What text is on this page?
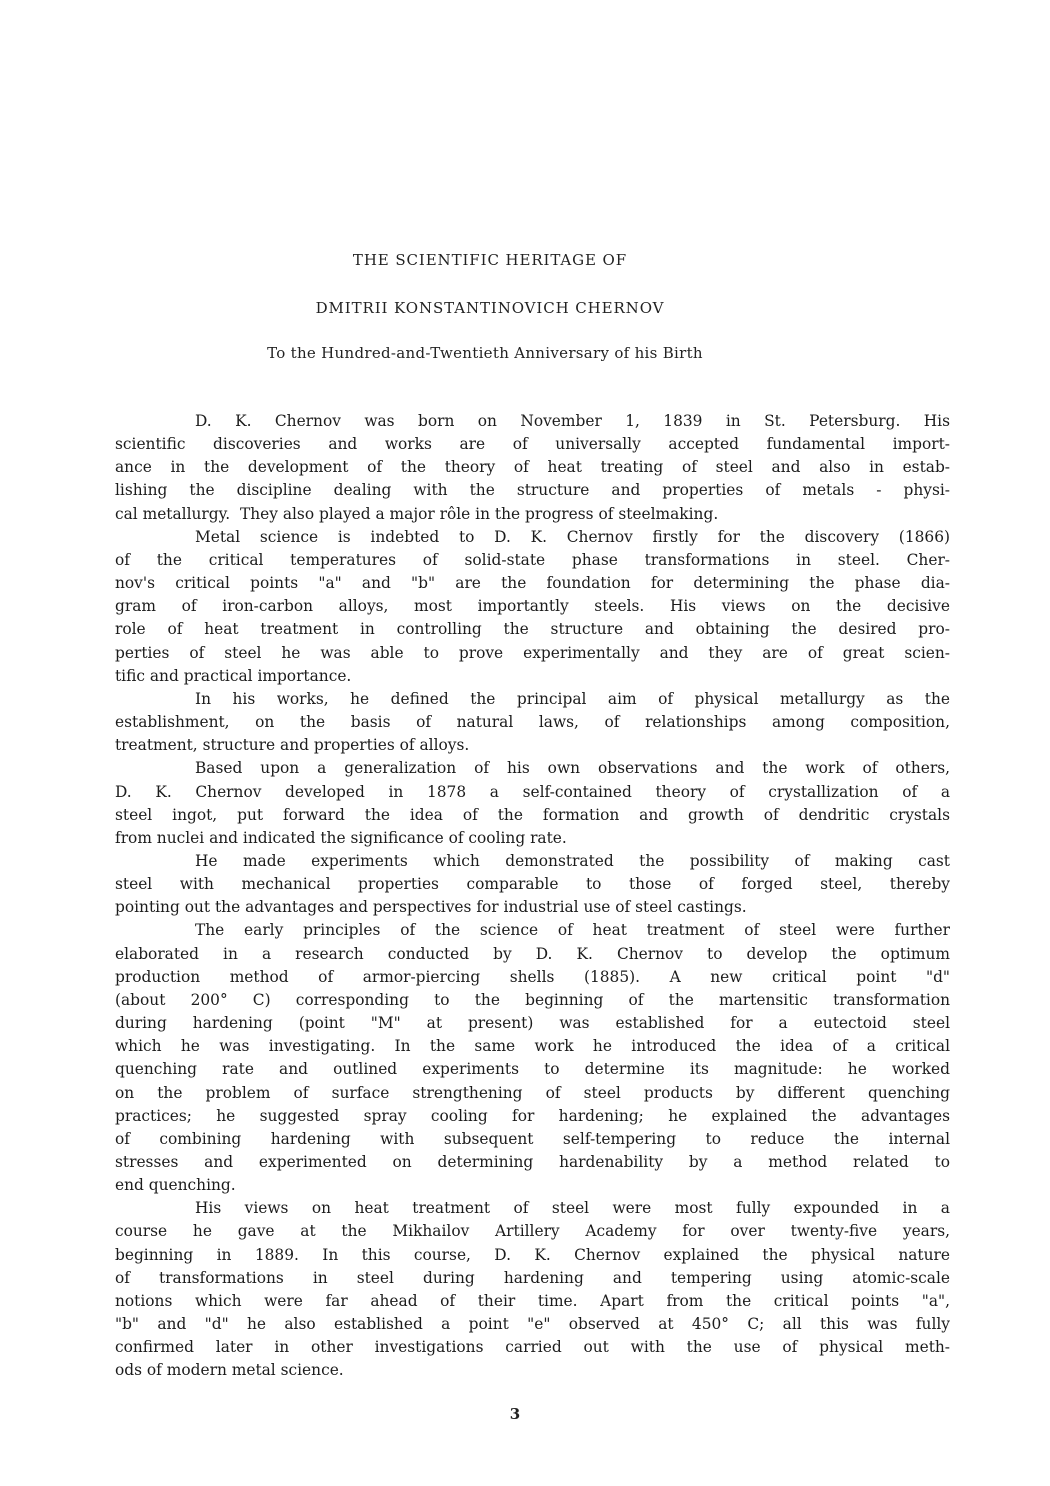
THE SCIENTIFIC HERITAGE OF
DMITRII KONSTANTINOVICH CHERNOV
To the Hundred-and-Twentieth Anniversary of his Birth
D. K. Chernov was born on November 1, 1839 in St. Petersburg. His
scientific discoveries and works are of universally accepted fundamental import-
ance in the development of the theory of heat treating of steel and also in estab-
lishing the discipline dealing with the structure and properties of metals - physi-
cal metallurgy.  They also played a major rôle in the progress of steelmaking.
Metal science is indebted to D. K. Chernov firstly for the discovery (1866)
of the critical temperatures of solid-state phase transformations in steel. Cher-
nov's critical points "a" and "b" are the foundation for determining the phase dia-
gram of iron-carbon alloys, most importantly steels. His views on the decisive
role of heat treatment in controlling the structure and obtaining the desired pro-
perties of steel he was able to prove experimentally and they are of great scien-
tific and practical importance.
In his works, he defined the principal aim of physical metallurgy as the
establishment, on the basis of natural laws, of relationships among composition,
treatment, structure and properties of alloys.
Based upon a generalization of his own observations and the work of others,
D. K. Chernov developed in 1878 a self-contained theory of crystallization of a
steel ingot, put forward the idea of the formation and growth of dendritic crystals
from nuclei and indicated the significance of cooling rate.
He made experiments which demonstrated the possibility of making cast
steel with mechanical properties comparable to those of forged steel, thereby
pointing out the advantages and perspectives for industrial use of steel castings.
The early principles of the science of heat treatment of steel were further
elaborated in a research conducted by D. K. Chernov to develop the optimum
production method of armor-piercing shells (1885). A new critical point "d"
(about 200° C) corresponding to the beginning of the martensitic transformation
during hardening (point "M" at present) was established for a eutectoid steel
which he was investigating. In the same work he introduced the idea of a critical
quenching rate and outlined experiments to determine its magnitude: he worked
on the problem of surface strengthening of steel products by different quenching
practices; he suggested spray cooling for hardening; he explained the advantages
of combining hardening with subsequent self-tempering to reduce the internal
stresses and experimented on determining hardenability by a method related to
end quenching.
His views on heat treatment of steel were most fully expounded in a
course he gave at the Mikhailov Artillery Academy for over twenty-five years,
beginning in 1889. In this course, D. K. Chernov explained the physical nature
of transformations in steel during hardening and tempering using atomic-scale
notions which were far ahead of their time. Apart from the critical points "a",
"b" and "d" he also established a point "e" observed at 450° C; all this was fully
confirmed later in other investigations carried out with the use of physical meth-
ods of modern metal science.
3
